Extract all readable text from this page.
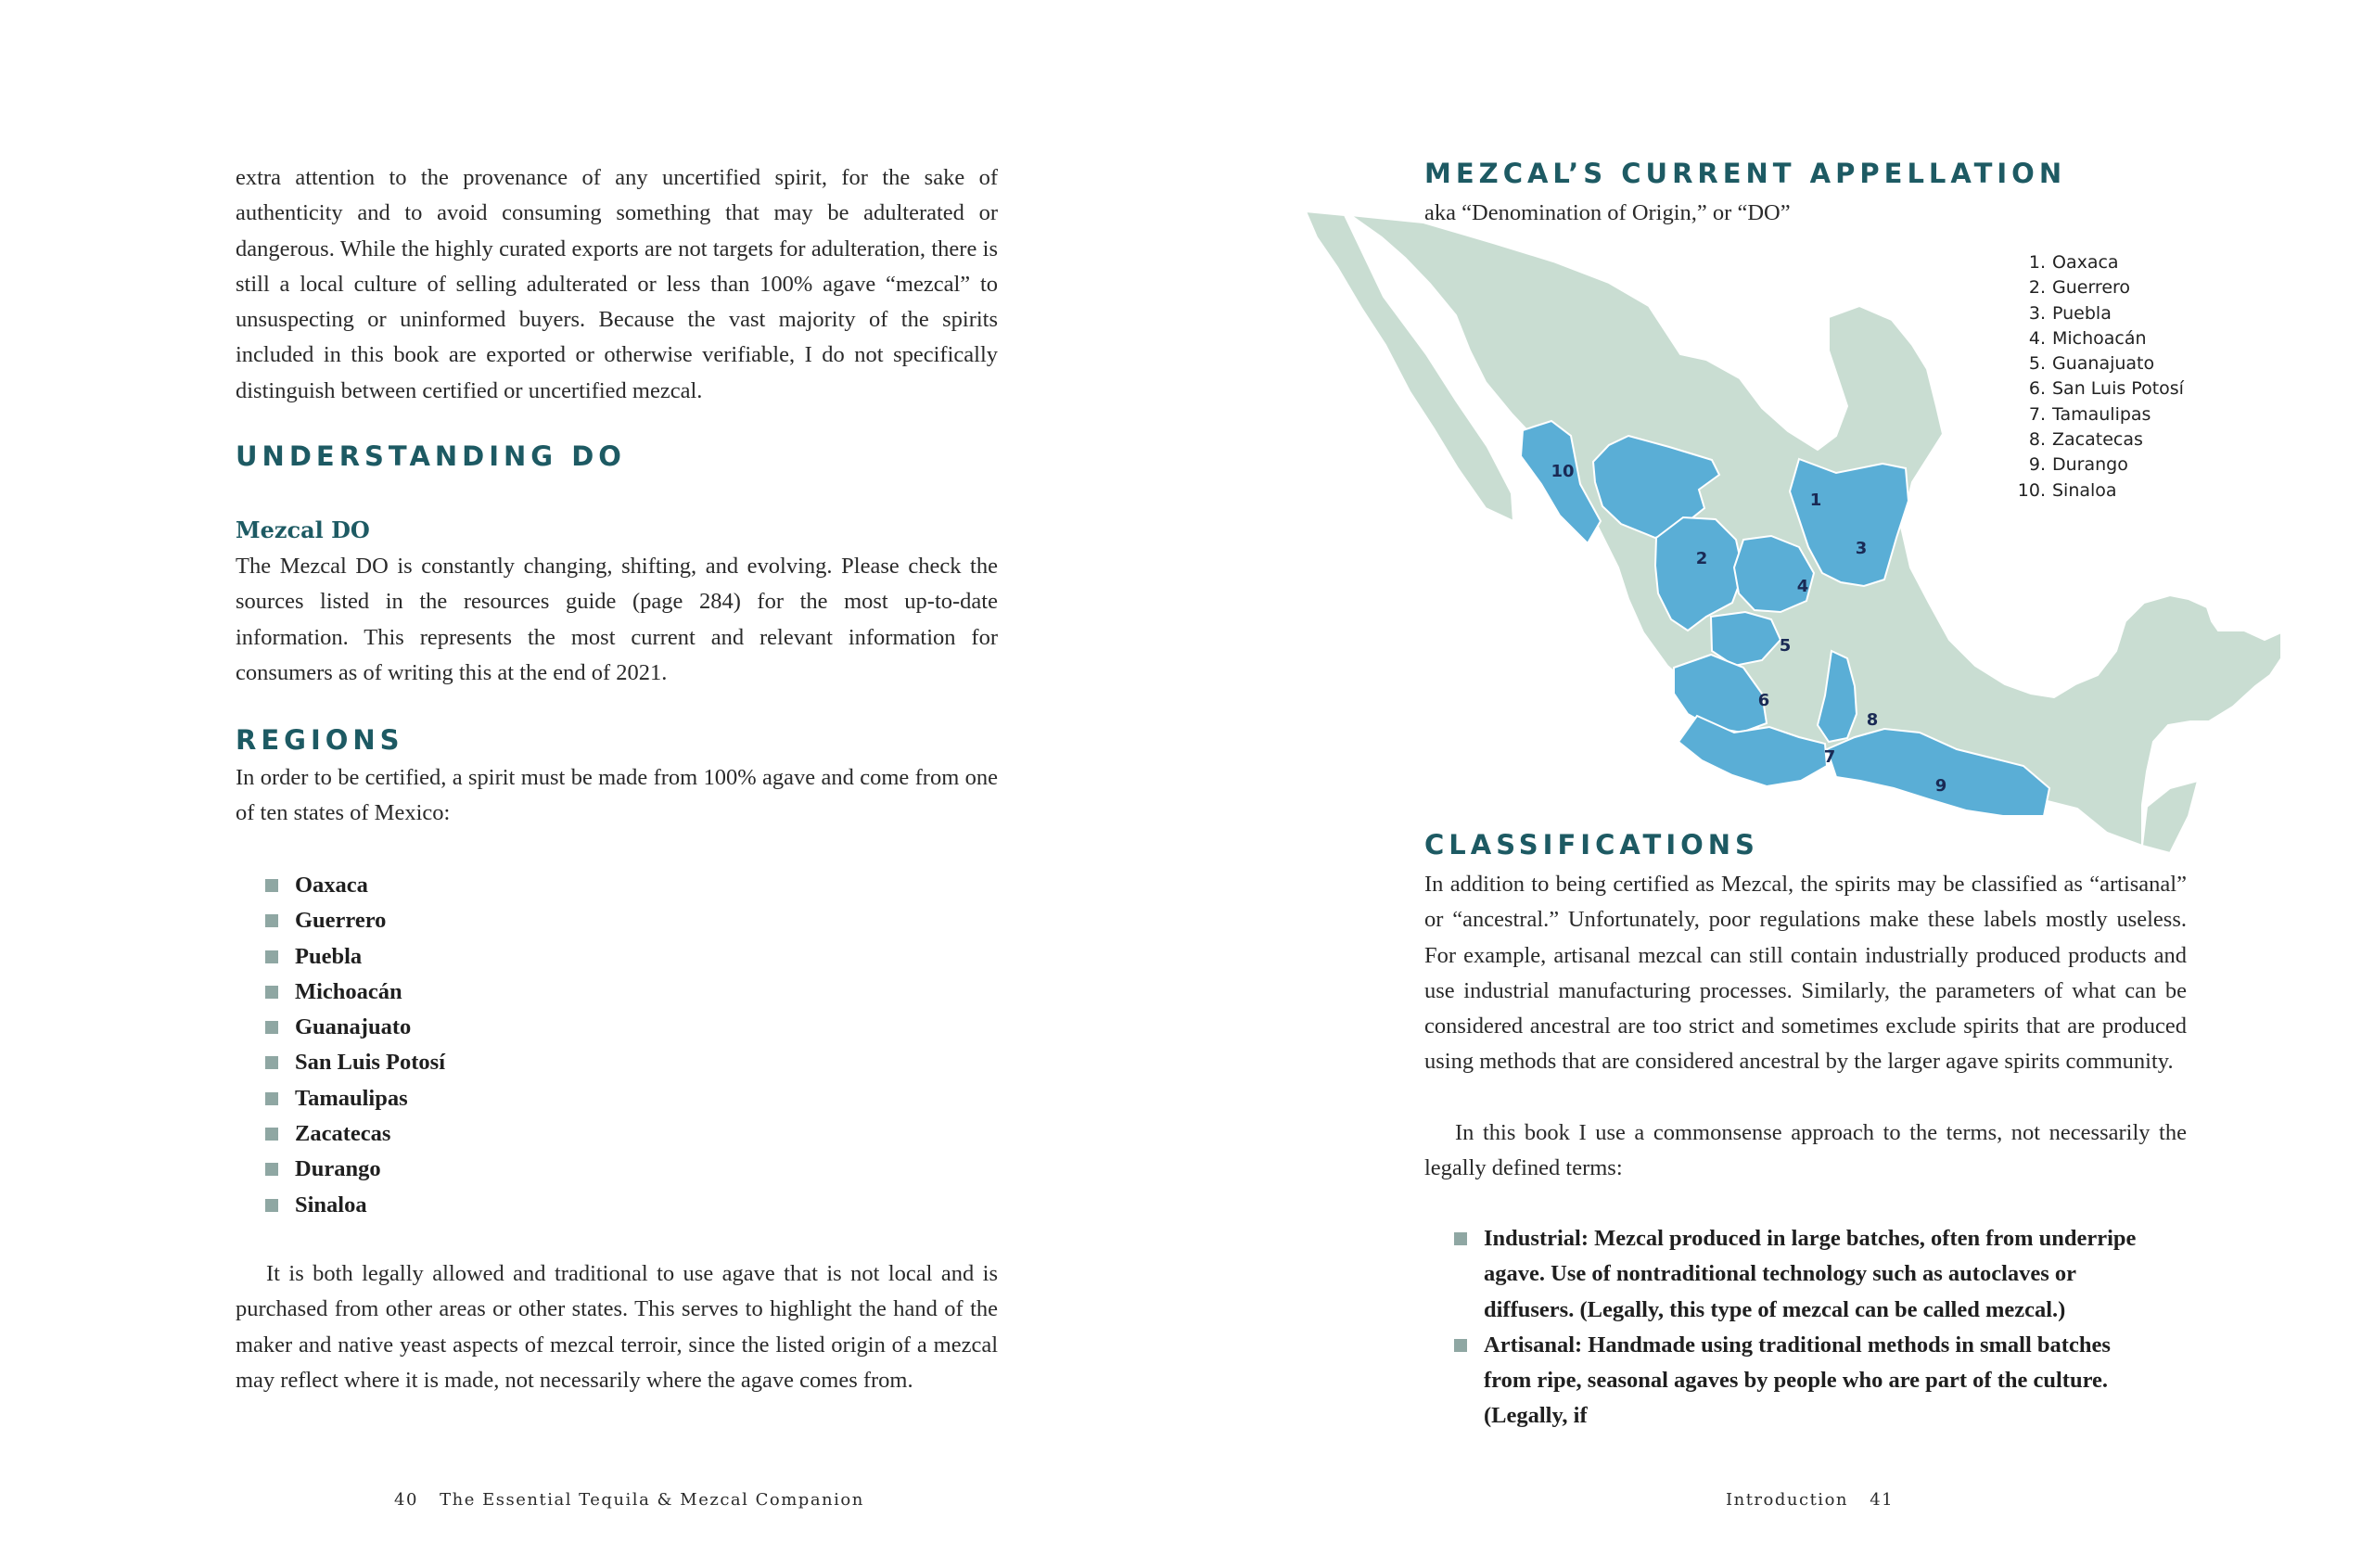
extra attention to the provenance of any uncertified spirit, for the sake of authenticity and to avoid consuming something that may be adulterated or dangerous. While the highly curated exports are not targets for adulteration, there is still a local culture of selling adulterated or less than 100% agave “mezcal” to unsuspecting or uninformed buyers. Because the vast majority of the spirits included in this book are exported or otherwise verifiable, I do not specifically distinguish between certified or uncertified mezcal.

UNDERSTANDING DO
Mezcal DO

The Mezcal DO is constantly changing, shifting, and evolving. Please check the sources listed in the resources guide (page 284) for the most up-to-date information. This represents the most current and relevant information for consumers as of writing this at the end of 2021.

REGIONS

In order to be certified, a spirit must be made from 100% agave and come from one of ten states of Mexico:

Oaxaca
Guerrero
Puebla
Michoacán
Guanajuato
San Luis Potosí
Tamaulipas
Zacatecas
Durango
Sinaloa

It is both legally allowed and traditional to use agave that is not local and is purchased from other areas or other states. This serves to highlight the hand of the maker and native yeast aspects of mezcal terroir, since the listed origin of a mezcal may reflect where it is made, not necessarily where the agave comes from.

40 The Essential Tequila & Mezcal Companion
MEZCAL’S CURRENT APPELLATION

aka “Denomination of Origin,” or “DO”

1
2
3
4
5
6
7
8
9
10
1. Oaxaca
2. Guerrero
3. Puebla
4. Michoacán
5. Guanajuato
6. San Luis Potosí
7. Tamaulipas
8. Zacatecas
9. Durango
10. Sinaloa
CLASSIFICATIONS

In addition to being certified as Mezcal, the spirits may be classified as “artisanal” or “ancestral.” Unfortunately, poor regulations make these labels mostly useless. For example, artisanal mezcal can still contain industrially produced products and use industrial manufacturing processes. Similarly, the parameters of what can be considered ancestral are too strict and sometimes exclude spirits that are produced using methods that are considered ancestral by the larger agave spirits community.

In this book I use a commonsense approach to the terms, not necessarily the legally defined terms:

Industrial: Mezcal produced in large batches, often from underripe agave. Use of nontraditional technology such as autoclaves or diffusers. (Legally, this type of mezcal can be called mezcal.)
Artisanal: Handmade using traditional methods in small batches from ripe, seasonal agaves by people who are part of the culture. (Legally, if
Introduction 41
